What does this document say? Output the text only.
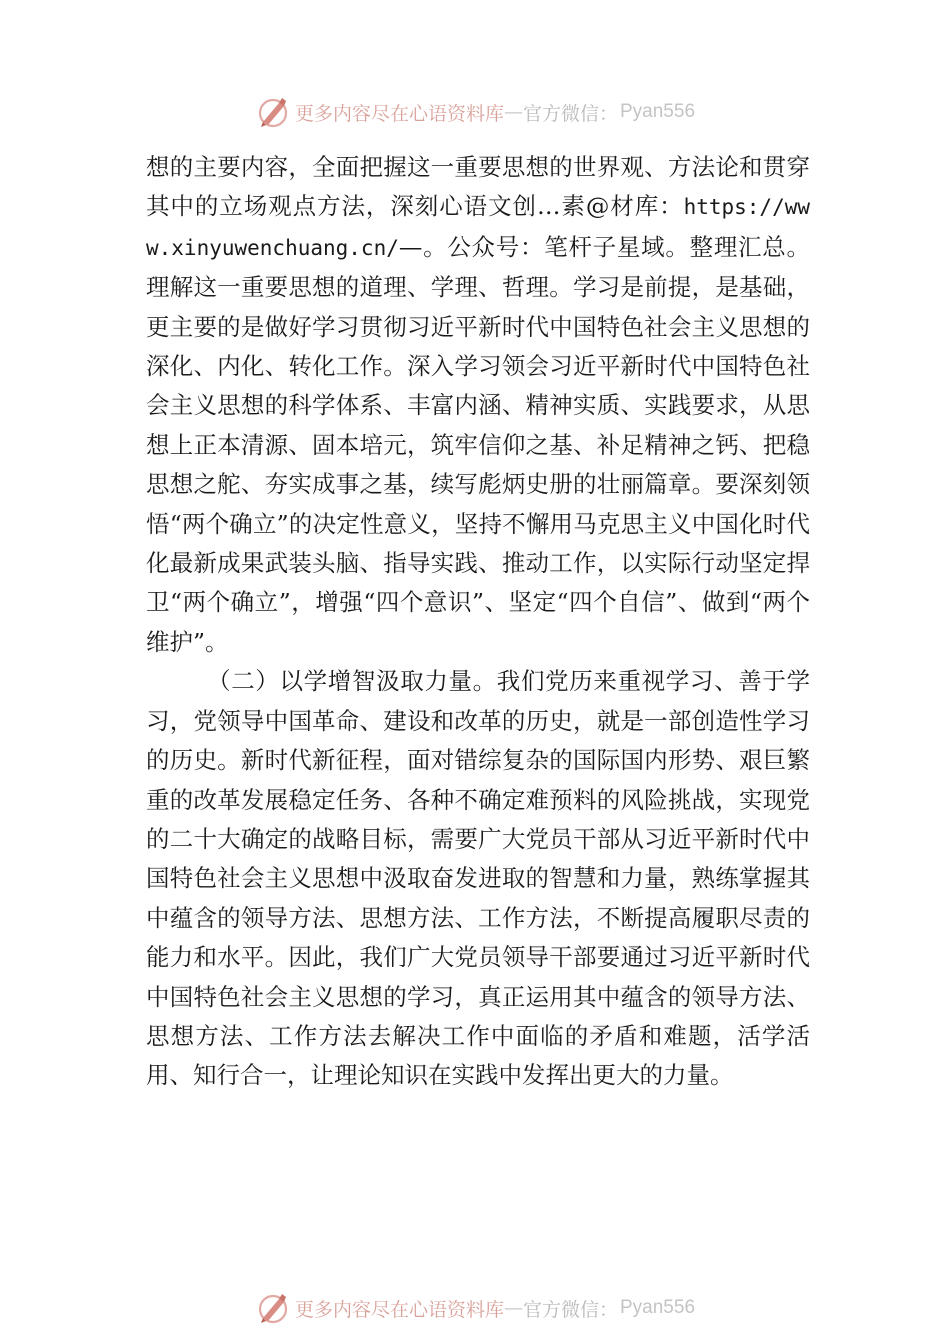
更多内容尽在心语资料库 — 官方微信： Pyan556

想的主要内容，全面把握这一重要思想的世界观、方法论和贯穿其中的立场观点方法，深刻心语文创…素@材库：https://www.xinyuwenchuang.cn/—。公众号：笔杆子星域。整理汇总。理解这一重要思想的道理、学理、哲理。学习是前提，是基础，更主要的是做好学习贯彻习近平新时代中国特色社会主义思想的深化、内化、转化工作。深入学习领会习近平新时代中国特色社会主义思想的科学体系、丰富内涵、精神实质、实践要求，从思想上正本清源、固本培元，筑牢信仰之基、补足精神之钙、把稳思想之舵、夯实成事之基，续写彪炳史册的壮丽篇章。要深刻领悟“两个确立”的决定性意义，坚持不懈用马克思主义中国化时代化最新成果武装头脑、指导实践、推动工作，以实际行动坚定捍卫“两个确立”，增强“四个意识”、坚定“四个自信”、做到“两个维护”。

（二）以学增智汲取力量。我们党历来重视学习、善于学习，党领导中国革命、建设和改革的历史，就是一部创造性学习的历史。新时代新征程，面对错综复杂的国际国内形势、艰巨繁重的改革发展稳定任务、各种不确定难预料的风险挑战，实现党的二十大确定的战略目标，需要广大党员干部从习近平新时代中国特色社会主义思想中汲取奋发进取的智慧和力量，熟练掌握其中蕴含的领导方法、思想方法、工作方法，不断提高履职尽责的能力和水平。因此，我们广大党员领导干部要通过习近平新时代中国特色社会主义思想的学习，真正运用其中蕴含的领导方法、思想方法、工作方法去解决工作中面临的矛盾和难题，活学活用、知行合一，让理论知识在实践中发挥出更大的力量。

更多内容尽在心语资料库 — 官方微信： Pyan556
